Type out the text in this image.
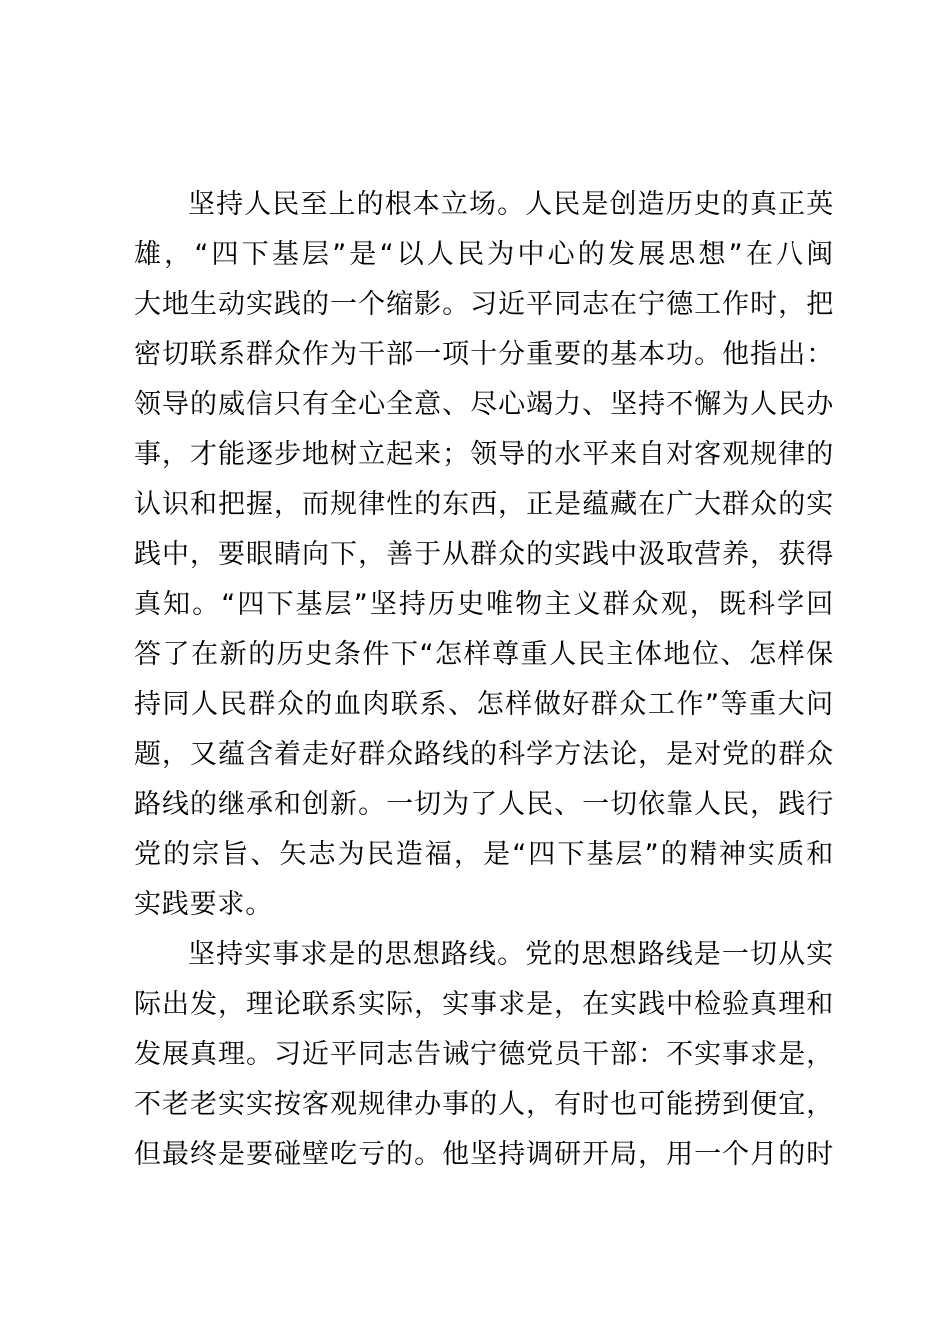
坚持人民至上的根本立场。人民是创造历史的真正英
雄，“四下基层”是“以人民为中心的发展思想”在八闽
大地生动实践的一个缩影。习近平同志在宁德工作时，把
密切联系群众作为干部一项十分重要的基本功。他指出：
领导的威信只有全心全意、尽心竭力、坚持不懈为人民办
事，才能逐步地树立起来；领导的水平来自对客观规律的
认识和把握，而规律性的东西，正是蕴藏在广大群众的实
践中，要眼睛向下，善于从群众的实践中汲取营养，获得
真知。“四下基层”坚持历史唯物主义群众观，既科学回
答了在新的历史条件下“怎样尊重人民主体地位、怎样保
持同人民群众的血肉联系、怎样做好群众工作”等重大问
题，又蕴含着走好群众路线的科学方法论，是对党的群众
路线的继承和创新。一切为了人民、一切依靠人民，践行
党的宗旨、矢志为民造福，是“四下基层”的精神实质和
实践要求。
坚持实事求是的思想路线。党的思想路线是一切从实
际出发，理论联系实际，实事求是，在实践中检验真理和
发展真理。习近平同志告诫宁德党员干部：不实事求是，
不老老实实按客观规律办事的人，有时也可能捞到便宜，
但最终是要碰壁吃亏的。他坚持调研开局，用一个月的时
